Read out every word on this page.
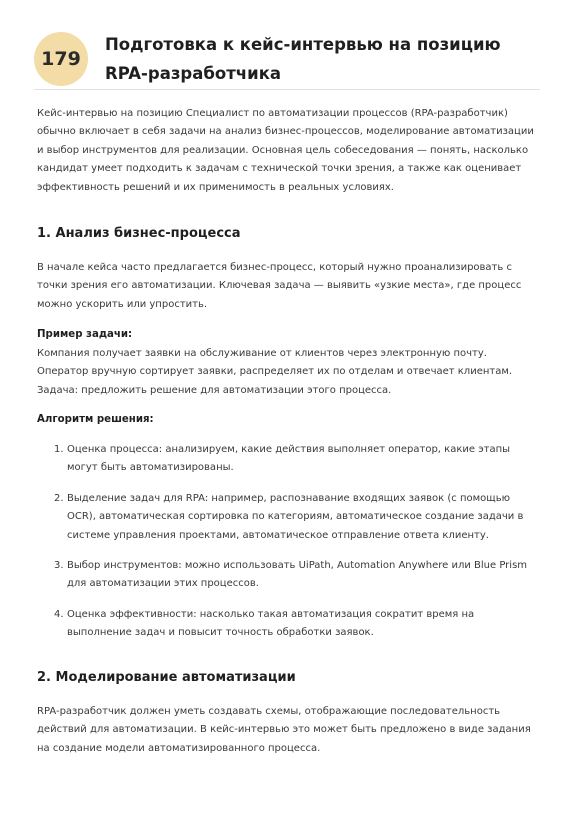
179
Подготовка к кейс-интервью на позицию RPA-разработчика

Кейс-интервью на позицию Специалист по автоматизации процессов (RPA-разработчик) обычно включает в себя задачи на анализ бизнес-процессов, моделирование автоматизации и выбор инструментов для реализации. Основная цель собеседования — понять, насколько кандидат умеет подходить к задачам с технической точки зрения, а также как оценивает эффективность решений и их применимость в реальных условиях.

1. Анализ бизнес-процесса

В начале кейса часто предлагается бизнес-процесс, который нужно проанализировать с точки зрения его автоматизации. Ключевая задача — выявить «узкие места», где процесс можно ускорить или упростить.

Пример задачи:

Компания получает заявки на обслуживание от клиентов через электронную почту. Оператор вручную сортирует заявки, распределяет их по отделам и отвечает клиентам. Задача: предложить решение для автоматизации этого процесса.

Алгоритм решения:
1. Оценка процесса: анализируем, какие действия выполняет оператор, какие этапы могут быть автоматизированы.
2. Выделение задач для RPA: например, распознавание входящих заявок (с помощью OCR), автоматическая сортировка по категориям, автоматическое создание задачи в системе управления проектами, автоматическое отправление ответа клиенту.
3. Выбор инструментов: можно использовать UiPath, Automation Anywhere или Blue Prism для автоматизации этих процессов.
4. Оценка эффективности: насколько такая автоматизация сократит время на выполнение задач и повысит точность обработки заявок.
2. Моделирование автоматизации

RPA-разработчик должен уметь создавать схемы, отображающие последовательность действий для автоматизации. В кейс-интервью это может быть предложено в виде задания на создание модели автоматизированного процесса.
